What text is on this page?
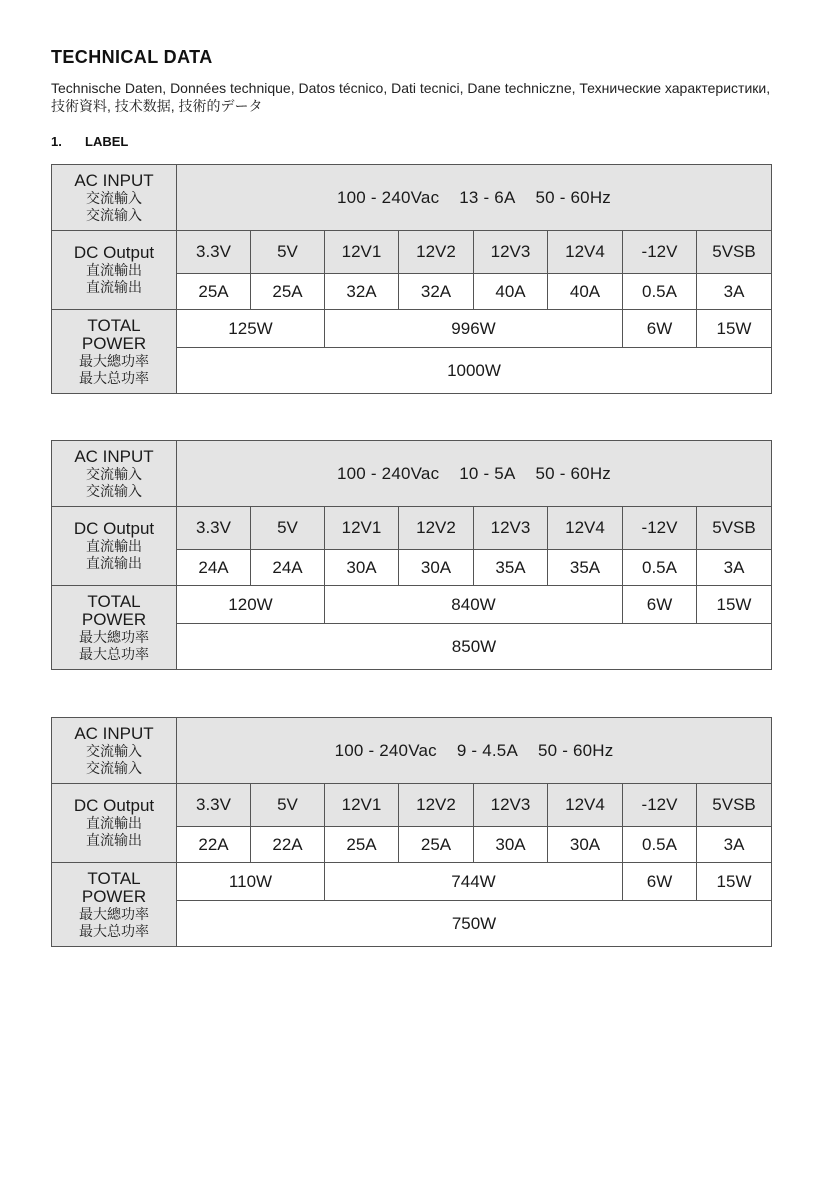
TECHNICAL DATA
Technische Daten, Données technique, Datos técnico, Dati tecnici, Dane techniczne, Технические характеристики, 技術資料, 技术数据, 技術的データ
1. LABEL
AC INPUT
交流輸入
交流输入	100 - 240Vac 13 - 6A 50 - 60Hz							

DC Output
直流輸出
直流输出	3.3V	5V	12V1	12V2	12V3	12V4	-12V	5VSB
	25A	25A	32A	32A	40A	40A	0.5A	3A

TOTAL
POWER
最大總功率
最大总功率	125W		996W				6W	15W
	1000W							
AC INPUT
交流輸入
交流输入	100 - 240Vac 10 - 5A 50 - 60Hz							

DC Output
直流輸出
直流输出	3.3V	5V	12V1	12V2	12V3	12V4	-12V	5VSB
	24A	24A	30A	30A	35A	35A	0.5A	3A

TOTAL
POWER
最大總功率
最大总功率	120W		840W				6W	15W
	850W							
AC INPUT
交流輸入
交流输入	100 - 240Vac 9 - 4.5A 50 - 60Hz							

DC Output
直流輸出
直流输出	3.3V	5V	12V1	12V2	12V3	12V4	-12V	5VSB
	22A	22A	25A	25A	30A	30A	0.5A	3A

TOTAL
POWER
最大總功率
最大总功率	110W		744W				6W	15W
	750W							
